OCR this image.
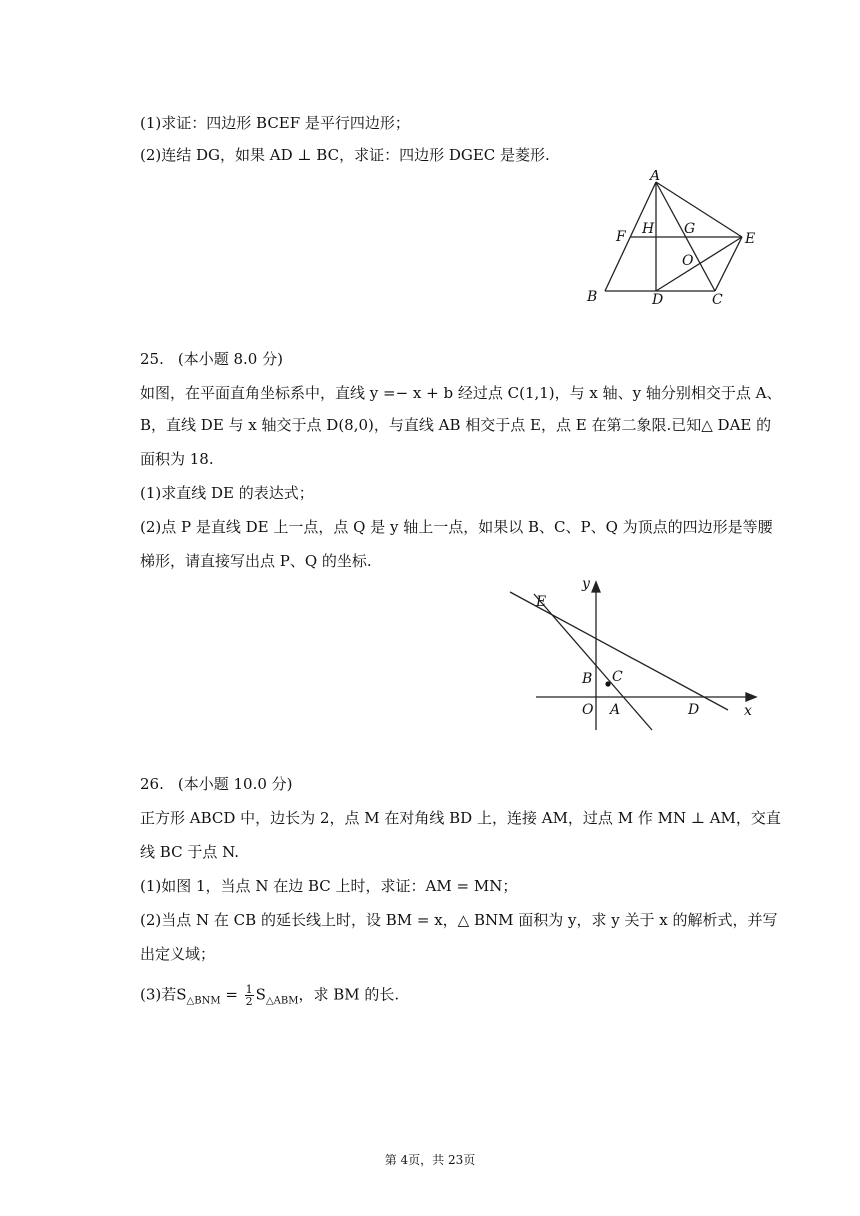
(1)求证：四边形 BCEF 是平行四边形；
(2)连结 DG，如果 AD ⊥ BC，求证：四边形 DGEC 是菱形.
A
H G
F	E
O
B	D	C
25. (本小题 8.0 分)
如图，在平面直角坐标系中，直线 y =− x + b 经过点 C(1,1)，与 x 轴、y 轴分别相交于点 A、
B，直线 DE 与 x 轴交于点 D(8,0)，与直线 AB 相交于点 E，点 E 在第二象限.已知△ DAE 的
面积为 18.
(1)求直线 DE 的表达式；
(2)点 P 是直线 DE 上一点，点 Q 是 y 轴上一点，如果以 B、C、P、Q 为顶点的四边形是等腰
梯形，请直接写出点 P、Q 的坐标.
y
E
B C
O A	D	x
26. (本小题 10.0 分)
正方形 ABCD 中，边长为 2，点 M 在对角线 BD 上，连接 AM，过点 M 作 MN ⊥ AM，交直
线 BC 于点 N.
(1)如图 1，当点 N 在边 BC 上时，求证：AM = MN；
(2)当点 N 在 CB 的延长线上时，设 BM = x，△ BNM 面积为 y，求 y 关于 x 的解析式，并写
出定义域；
(3)若$S_{\triangle BNM} = \frac{1}{2} S_{\triangle ABM}$，求 BM 的长.
第 4页，共 23页
